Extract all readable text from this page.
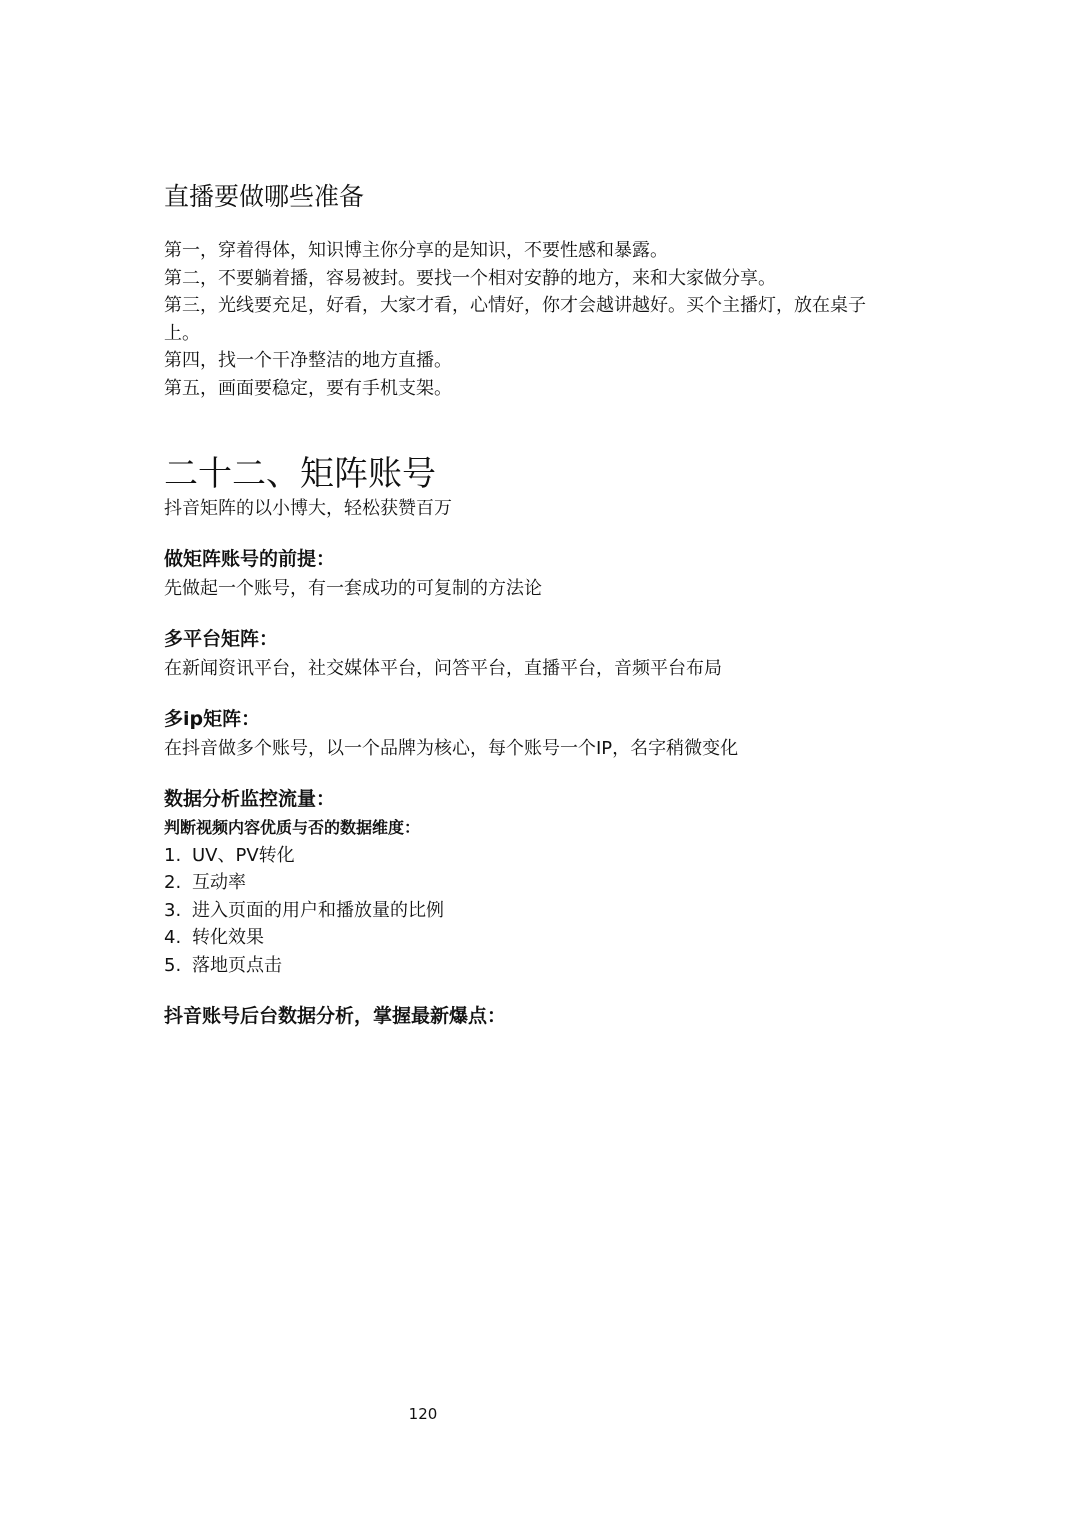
直播要做哪些准备
第一，穿着得体，知识博主你分享的是知识，不要性感和暴露。
第二，不要躺着播，容易被封。要找一个相对安静的地方，来和大家做分享。
第三，光线要充足，好看，大家才看，心情好，你才会越讲越好。买个主播灯，放在桌子
上。
第四，找一个干净整洁的地方直播。
第五，画面要稳定，要有手机支架。
二十二、矩阵账号
抖音矩阵的以小博大，轻松获赞百万
做矩阵账号的前提：
先做起一个账号，有一套成功的可复制的方法论
多平台矩阵：
在新闻资讯平台，社交媒体平台，问答平台，直播平台，音频平台布局
多ip矩阵：
在抖音做多个账号，以一个品牌为核心，每个账号一个IP，名字稍微变化
数据分析监控流量：
判断视频内容优质与否的数据维度：
1. UV、PV转化
2. 互动率
3. 进入页面的用户和播放量的比例
4. 转化效果
5. 落地页点击
抖音账号后台数据分析，掌握最新爆点：
120
